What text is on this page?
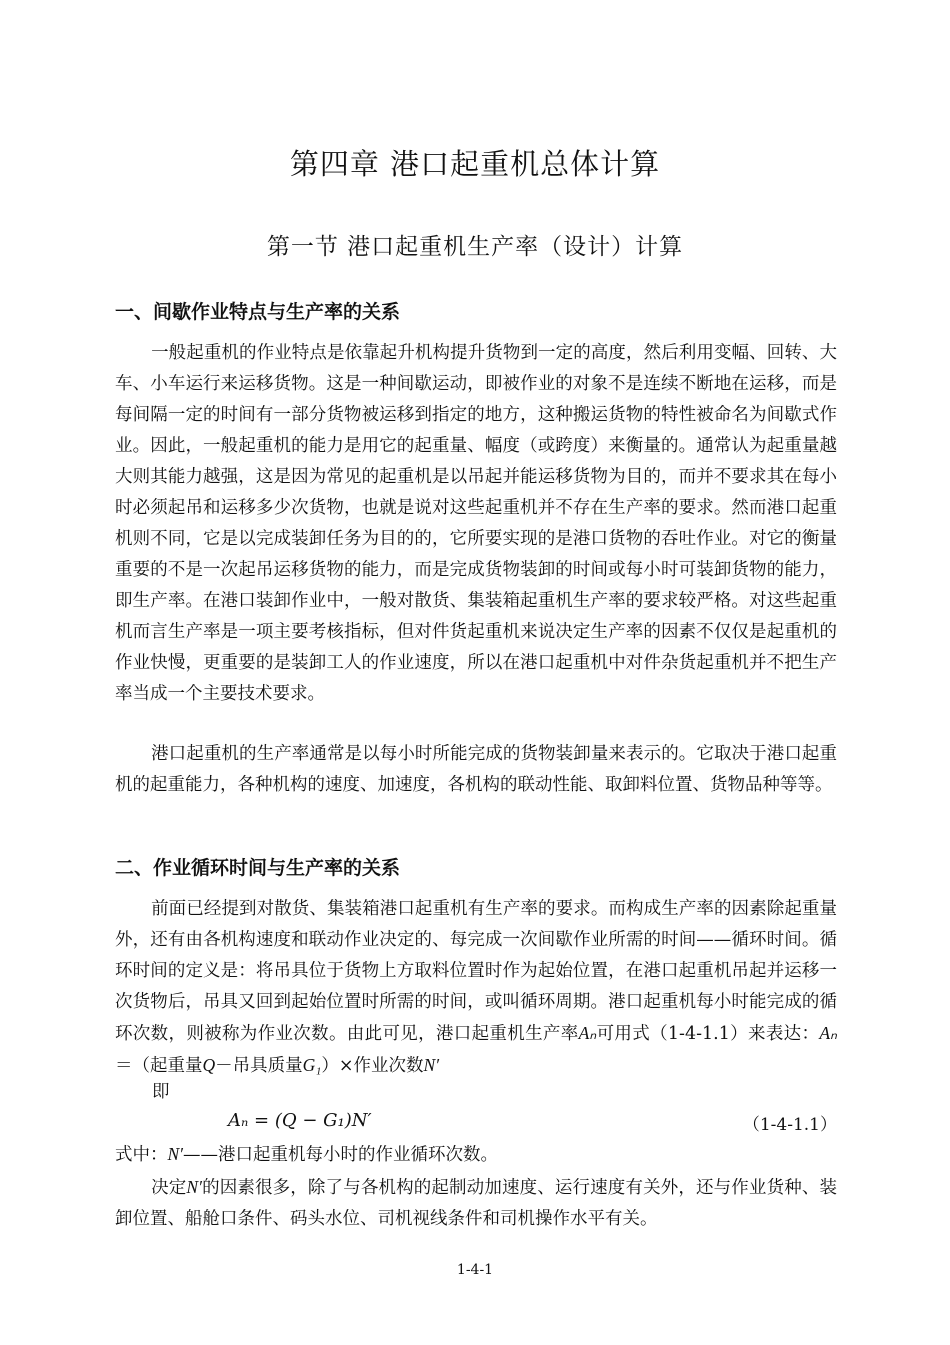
第四章 港口起重机总体计算
第一节 港口起重机生产率（设计）计算
一、间歇作业特点与生产率的关系
一般起重机的作业特点是依靠起升机构提升货物到一定的高度，然后利用变幅、回转、大车、小车运行来运移货物。这是一种间歇运动，即被作业的对象不是连续不断地在运移，而是每间隔一定的时间有一部分货物被运移到指定的地方，这种搬运货物的特性被命名为间歇式作业。因此，一般起重机的能力是用它的起重量、幅度（或跨度）来衡量的。通常认为起重量越大则其能力越强，这是因为常见的起重机是以吊起并能运移货物为目的，而并不要求其在每小时必须起吊和运移多少次货物，也就是说对这些起重机并不存在生产率的要求。然而港口起重机则不同，它是以完成装卸任务为目的的，它所要实现的是港口货物的吞吐作业。对它的衡量重要的不是一次起吊运移货物的能力，而是完成货物装卸的时间或每小时可装卸货物的能力，即生产率。在港口装卸作业中，一般对散货、集装箱起重机生产率的要求较严格。对这些起重机而言生产率是一项主要考核指标，但对件货起重机来说决定生产率的因素不仅仅是起重机的作业快慢，更重要的是装卸工人的作业速度，所以在港口起重机中对件杂货起重机并不把生产率当成一个主要技术要求。
港口起重机的生产率通常是以每小时所能完成的货物装卸量来表示的。它取决于港口起重机的起重能力，各种机构的速度、加速度，各机构的联动性能、取卸料位置、货物品种等等。
二、作业循环时间与生产率的关系
前面已经提到对散货、集装箱港口起重机有生产率的要求。而构成生产率的因素除起重量外，还有由各机构速度和联动作业决定的、每完成一次间歇作业所需的时间——循环时间。循环时间的定义是：将吊具位于货物上方取料位置时作为起始位置，在港口起重机吊起并运移一次货物后，吊具又回到起始位置时所需的时间，或叫循环周期。港口起重机每小时能完成的循环次数，则被称为作业次数。由此可见，港口起重机生产率Aₙ可用式（1-4-1.1）来表达：Aₙ＝（起重量Q－吊具质量G₁）×作业次数N′
即
Aₙ = (Q − G₁)N′	（1-4-1.1）
式中：N′——港口起重机每小时的作业循环次数。
决定N′的因素很多，除了与各机构的起制动加速度、运行速度有关外，还与作业货种、装卸位置、船舱口条件、码头水位、司机视线条件和司机操作水平有关。
1-4-1
